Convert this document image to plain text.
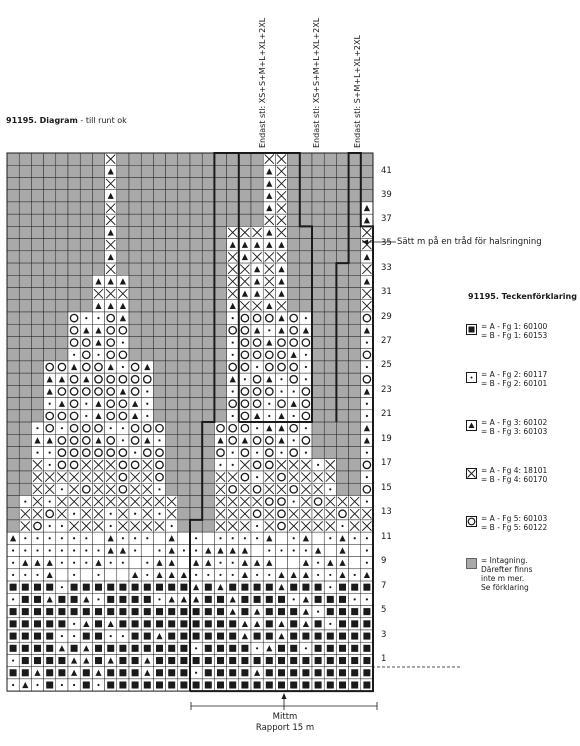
91195. Diagram - till runt ok	Endast stl: XS+S+M+L+XL+2XL	Endast stl: XS+S+M+L+XL+2XL	Endast stl: S+M+L+XL+2XL
41
39
37
35
33
31
29
27
25
23
21
19
17
15
13
11
9
7
5
3
1
Sätt m på en tråd för halsringning
91195. Teckenförklaring
= A - Fg 1: 60100
= B - Fg 1: 60153
= A - Fg 2: 60117
= B - Fg 2: 60101
= A - Fg 3: 60102
= B - Fg 3: 60103
= A - Fg 4: 18101
= B - Fg 4: 60170
= A - Fg 5: 60103
= B - Fg 5: 60122
= Intagning.
Därefter finns
inte m mer.
Se förklaring
Mittm
Rapport 15 m
